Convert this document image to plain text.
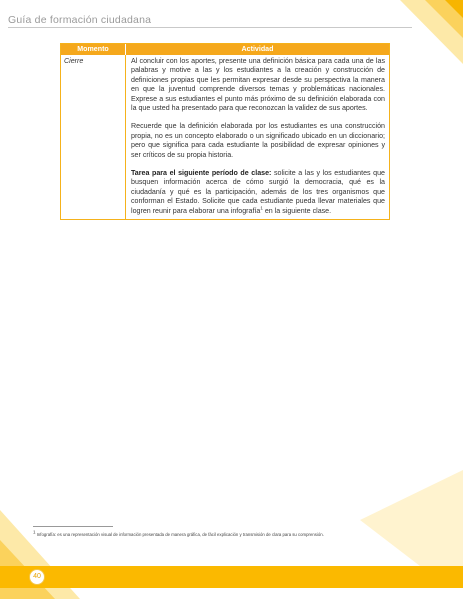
Guía de formación ciudadana
Momento	Actividad
Cierre	Al concluir con los aportes, presente una definición básica para cada una de las palabras y motive a las y los estudiantes a la creación y construcción de definiciones propias que les permitan expresar desde su perspectiva la manera en que la juventud comprende diversos temas y problemáticas nacionales. Exprese a sus estudiantes el punto más próximo de su definición elaborada con la que usted ha presentado para que reconozcan la validez de sus aportes.

Recuerde que la definición elaborada por los estudiantes es una construcción propia, no es un concepto elaborado o un significado ubicado en un diccionario; pero que significa para cada estudiante la posibilidad de expresar opiniones y ser críticos de su propia historia.

Tarea para el siguiente período de clase: solicite a las y los estudiantes que busquen información acerca de cómo surgió la democracia, qué es la ciudadanía y qué es la participación, además de los tres organismos que conforman el Estado. Solicite que cada estudiante pueda llevar materiales que logren reunir para elaborar una infografía$^1$ en la siguiente clase.

$^1$ Infografía: es una representación visual de información presentada de manera gráfica, de fácil explicación y transmisión de clara para su comprensión.
40
